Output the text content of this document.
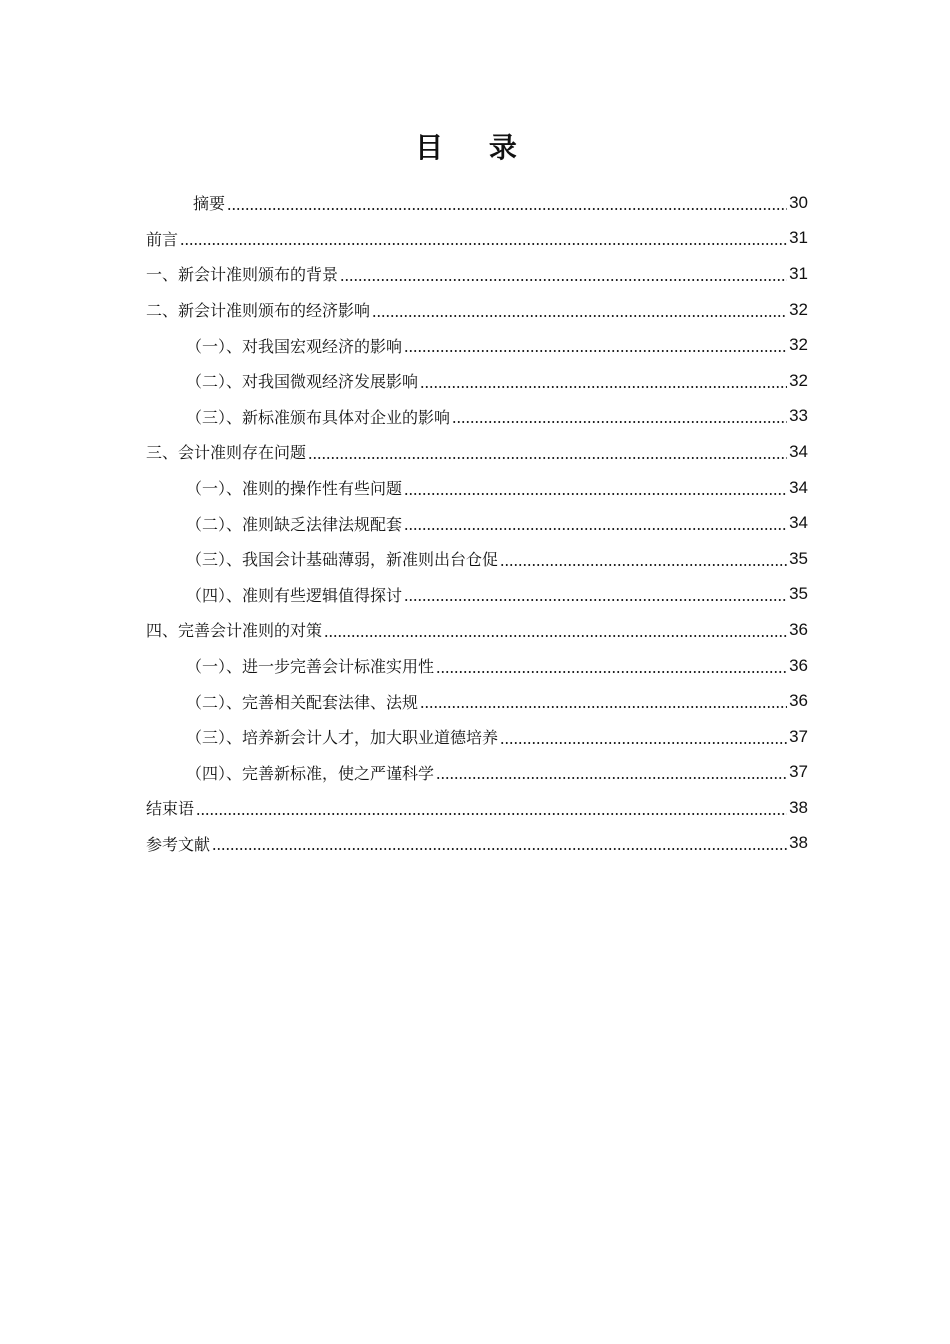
目 录
摘要	30
前言	31
一、新会计准则颁布的背景	31
二、新会计准则颁布的经济影响	32
（一）、对我国宏观经济的影响	32
（二）、对我国微观经济发展影响	32
（三）、新标准颁布具体对企业的影响	33
三、会计准则存在问题	34
（一）、准则的操作性有些问题	34
（二）、准则缺乏法律法规配套	34
（三）、我国会计基础薄弱，新准则出台仓促	35
（四）、准则有些逻辑值得探讨	35
四、完善会计准则的对策	36
（一）、进一步完善会计标准实用性	36
（二）、完善相关配套法律、法规	36
（三）、培养新会计人才，加大职业道德培养	37
（四）、完善新标准，使之严谨科学	37
结束语	38
参考文献	38
